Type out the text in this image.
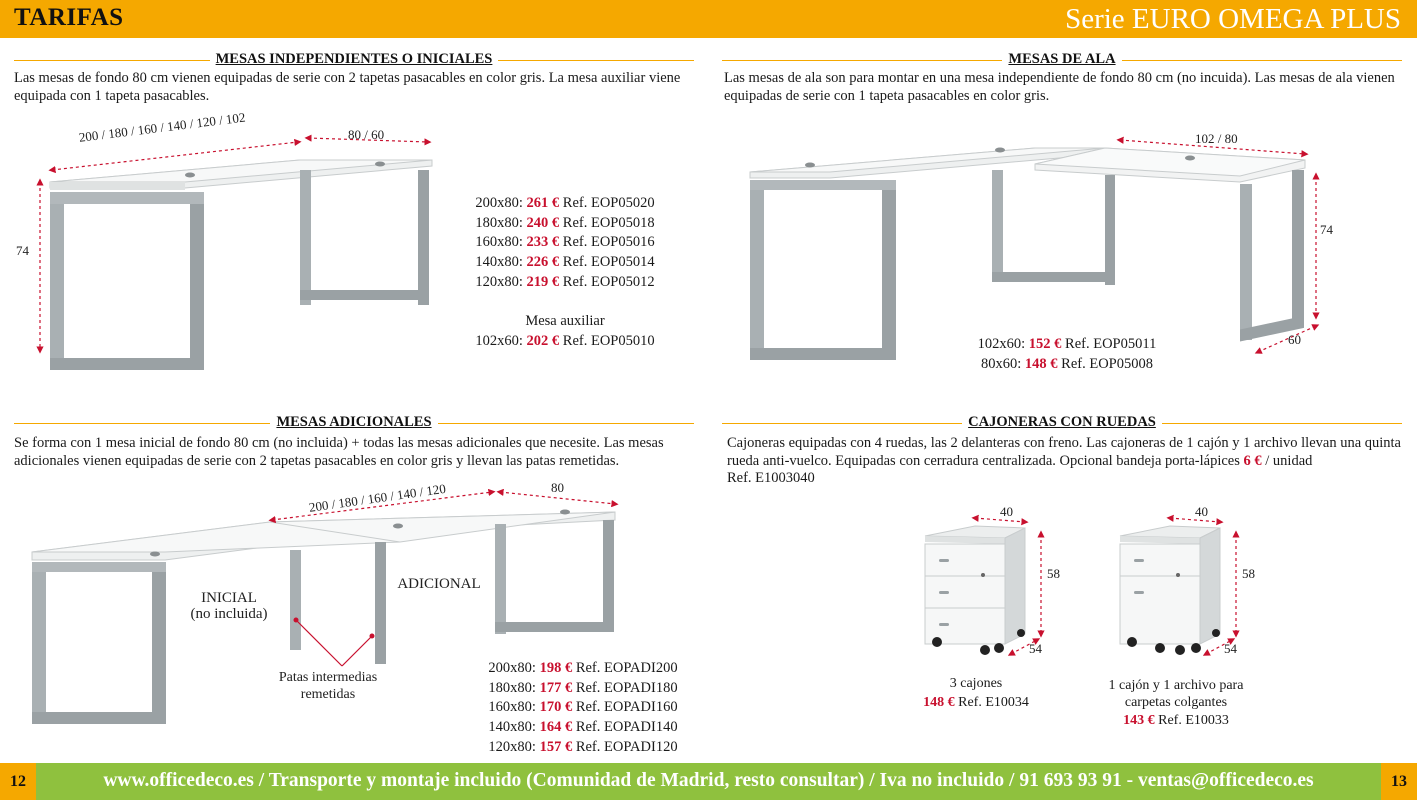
TARIFAS	Serie EURO OMEGA PLUS
MESAS INDEPENDIENTES O INICIALES
Las mesas de fondo 80 cm vienen equipadas de serie con 2 tapetas pasacables en color gris. La mesa auxiliar viene equipada con 1 tapeta pasacables.
200 / 180 / 160 / 140 / 120 / 102	80 / 60
74
200x80: 261 € Ref. EOP05020
180x80: 240 € Ref. EOP05018
160x80: 233 € Ref. EOP05016
140x80: 226 € Ref. EOP05014
120x80: 219 € Ref. EOP05012
Mesa auxiliar
102x60: 202 € Ref. EOP05010
MESAS DE ALA
Las mesas de ala son para montar en una mesa independiente de fondo 80 cm (no incuida). Las mesas de ala vienen equipadas de serie con 1 tapeta pasacables en color gris.
102 / 80
74
60
102x60: 152 € Ref. EOP05011
80x60: 148 € Ref. EOP05008
MESAS ADICIONALES
Se forma con 1 mesa inicial de fondo 80 cm (no incluida) + todas las mesas adicionales que necesite. Las mesas adicionales vienen equipadas de serie con 2 tapetas pasacables en color gris y llevan las patas remetidas.
200 / 180 / 160 / 140 / 120	80
INICIAL
(no incluida)
ADICIONAL
Patas intermedias
remetidas
200x80: 198 € Ref. EOPADI200
180x80: 177 € Ref. EOPADI180
160x80: 170 € Ref. EOPADI160
140x80: 164 € Ref. EOPADI140
120x80: 157 € Ref. EOPADI120
CAJONERAS CON RUEDAS
Cajoneras equipadas con 4 ruedas, las 2 delanteras con freno. Las cajoneras de 1 cajón y 1 archivo llevan una quinta rueda anti-vuelco. Equipadas con cerradura centralizada. Opcional bandeja porta-lápices 6 € / unidad
Ref. E1003040
40
58
54
3 cajones
148 € Ref. E10034
40
58
54
1 cajón y 1 archivo para
carpetas colgantes
143 € Ref. E10033
12	13
www.officedeco.es / Transporte y montaje incluido (Comunidad de Madrid, resto consultar) / Iva no incluido / 91 693 93 91 - ventas@officedeco.es
